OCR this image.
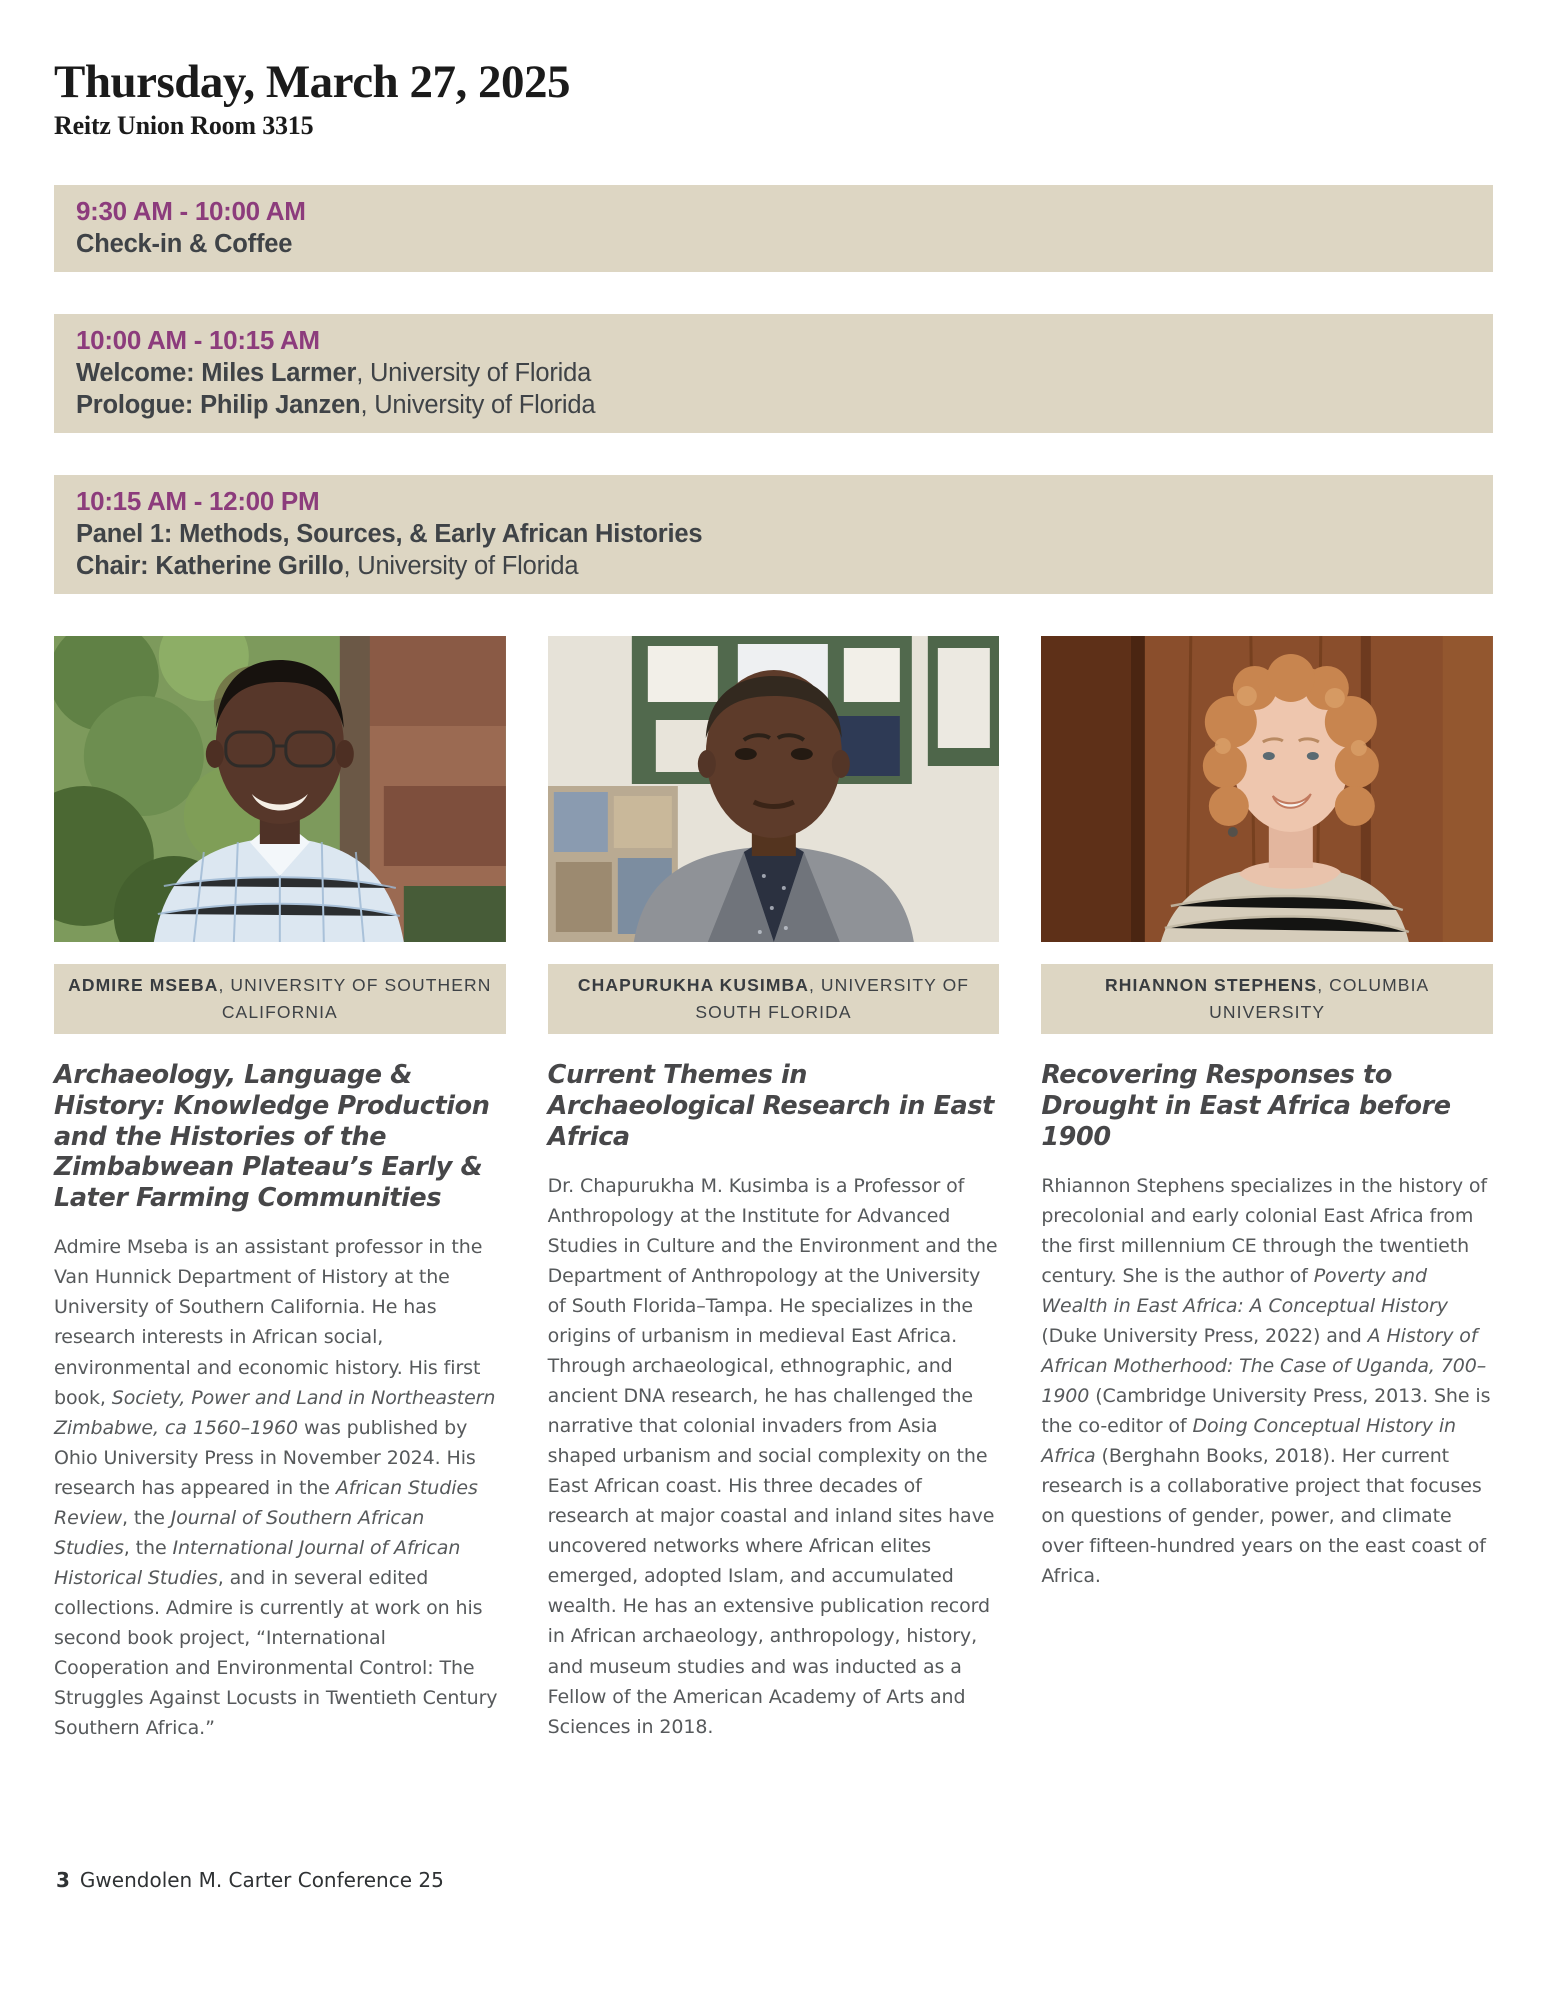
Thursday, March 27, 2025
Reitz Union Room 3315
9:30 AM - 10:00 AM
Check-in & Coffee
10:00 AM - 10:15 AM
Welcome: Miles Larmer, University of Florida
Prologue: Philip Janzen, University of Florida
10:15 AM - 12:00 PM
Panel 1: Methods, Sources, & Early African Histories
Chair: Katherine Grillo, University of Florida
ADMIRE MSEBA, UNIVERSITY OF SOUTHERN CALIFORNIA
Archaeology, Language & History: Knowledge Production and the Histories of the Zimbabwean Plateau’s Early & Later Farming Communities
Admire Mseba is an assistant professor in the Van Hunnick Department of History at the University of Southern California. He has research interests in African social, environmental and economic history. His first book, Society, Power and Land in Northeastern Zimbabwe, ca 1560–1960 was published by Ohio University Press in November 2024. His research has appeared in the African Studies Review, the Journal of Southern African Studies, the International Journal of African Historical Studies, and in several edited collections. Admire is currently at work on his second book project, “International Cooperation and Environmental Control: The Struggles Against Locusts in Twentieth Century Southern Africa.”
CHAPURUKHA KUSIMBA, UNIVERSITY OF SOUTH FLORIDA
Current Themes in Archaeological Research in East Africa
Dr. Chapurukha M. Kusimba is a Professor of Anthropology at the Institute for Advanced Studies in Culture and the Environment and the Department of Anthropology at the University of South Florida–Tampa. He specializes in the origins of urbanism in medieval East Africa. Through archaeological, ethnographic, and ancient DNA research, he has challenged the narrative that colonial invaders from Asia shaped urbanism and social complexity on the East African coast. His three decades of research at major coastal and inland sites have uncovered networks where African elites emerged, adopted Islam, and accumulated wealth. He has an extensive publication record in African archaeology, anthropology, history, and museum studies and was inducted as a Fellow of the American Academy of Arts and Sciences in 2018.
RHIANNON STEPHENS, COLUMBIA UNIVERSITY
Recovering Responses to Drought in East Africa before 1900
Rhiannon Stephens specializes in the history of precolonial and early colonial East Africa from the first millennium CE through the twentieth century. She is the author of Poverty and Wealth in East Africa: A Conceptual History (Duke University Press, 2022) and A History of African Motherhood: The Case of Uganda, 700–1900 (Cambridge University Press, 2013. She is the co-editor of Doing Conceptual History in Africa (Berghahn Books, 2018). Her current research is a collaborative project that focuses on questions of gender, power, and climate over fifteen-hundred years on the east coast of Africa.
3 Gwendolen M. Carter Conference 25
